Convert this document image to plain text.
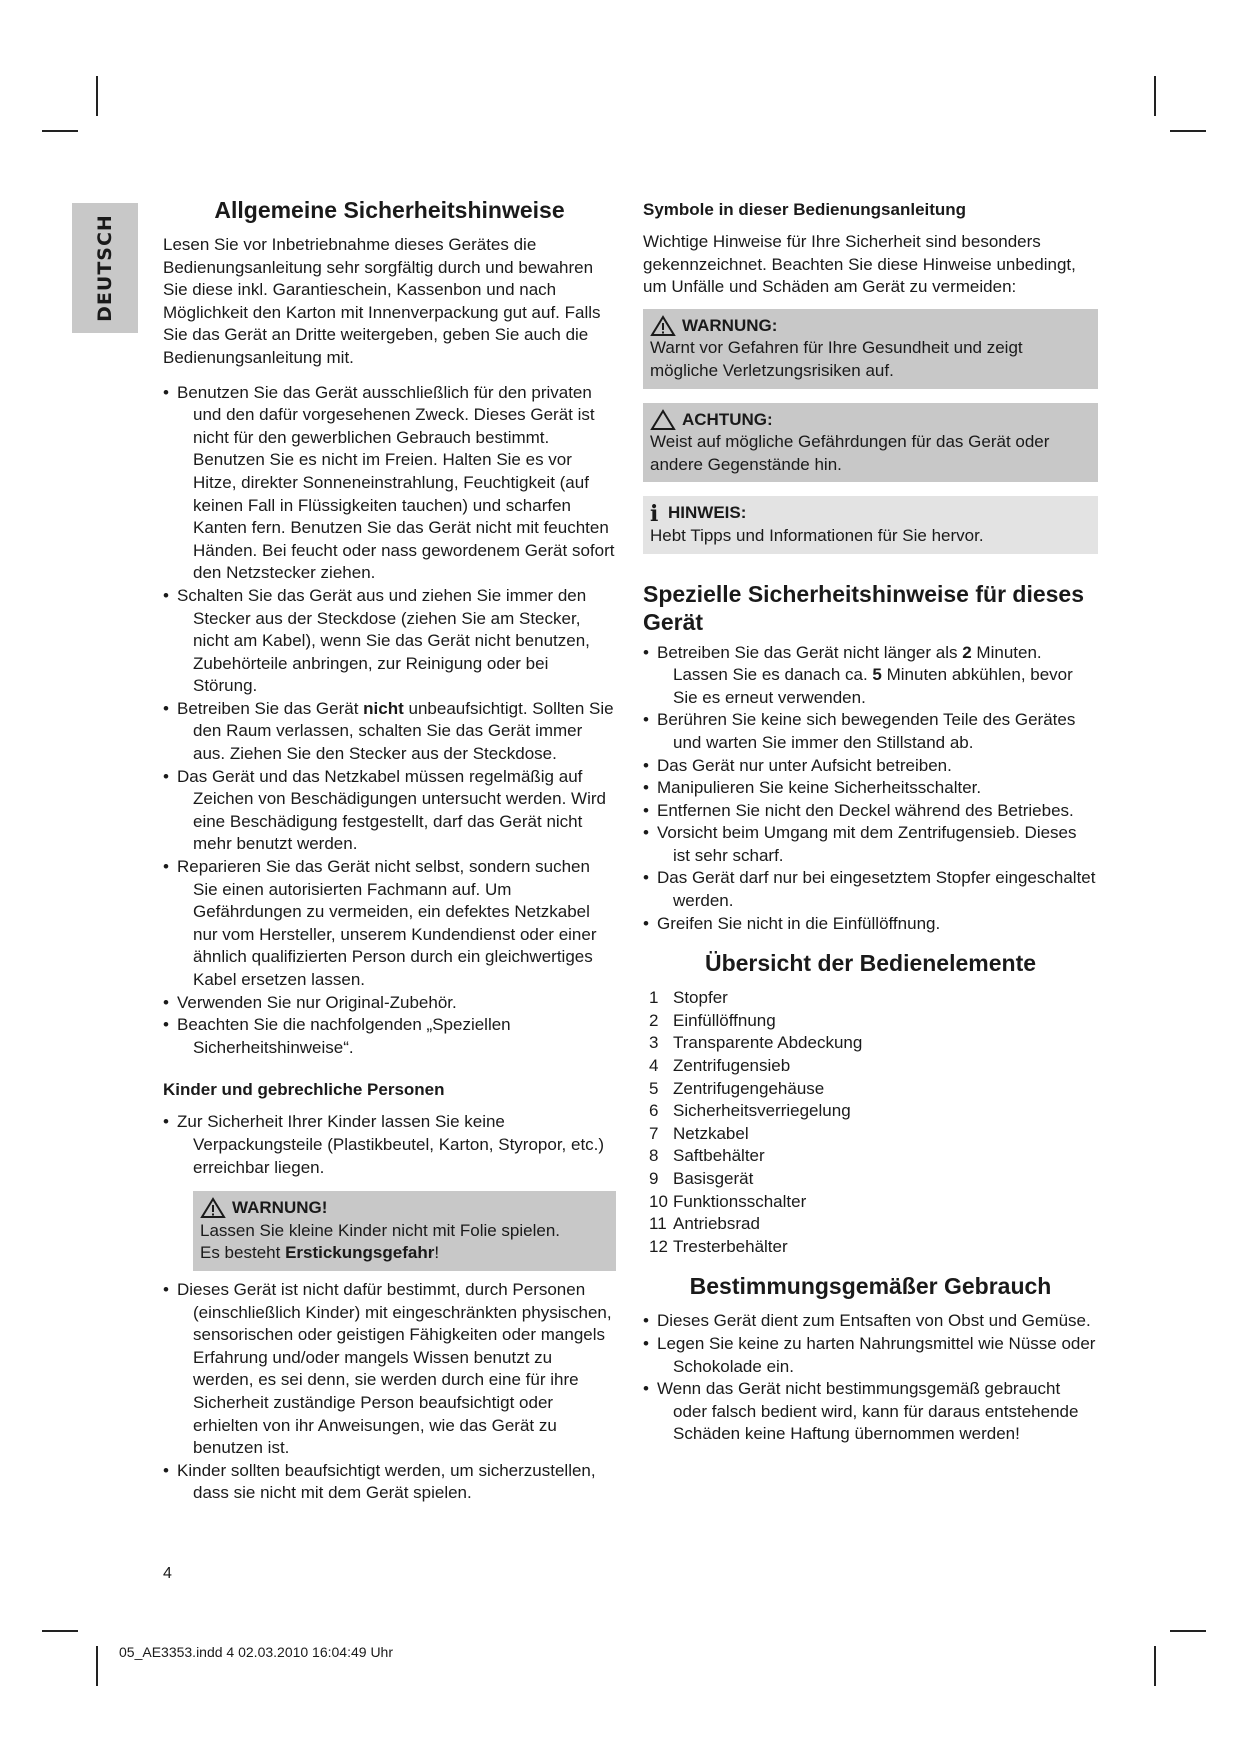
DEUTSCH
Allgemeine Sicherheitshinweise

Lesen Sie vor Inbetriebnahme dieses Gerätes die Bedienungsanleitung sehr sorgfältig durch und bewahren Sie diese inkl. Garantieschein, Kassenbon und nach Möglichkeit den Karton mit Innenverpackung gut auf. Falls Sie das Gerät an Dritte weitergeben, geben Sie auch die Bedienungsanleitung mit.

• Benutzen Sie das Gerät ausschließlich für den privaten und den dafür vorgesehenen Zweck. Dieses Gerät ist nicht für den gewerblichen Gebrauch bestimmt. Benutzen Sie es nicht im Freien. Halten Sie es vor Hitze, direkter Sonneneinstrahlung, Feuchtigkeit (auf keinen Fall in Flüssigkeiten tauchen) und scharfen Kanten fern. Benutzen Sie das Gerät nicht mit feuchten Händen. Bei feucht oder nass gewordenem Gerät sofort den Netzstecker ziehen.
• Schalten Sie das Gerät aus und ziehen Sie immer den Stecker aus der Steckdose (ziehen Sie am Stecker, nicht am Kabel), wenn Sie das Gerät nicht benutzen, Zubehörteile anbringen, zur Reinigung oder bei Störung.
• Betreiben Sie das Gerät nicht unbeaufsichtigt. Sollten Sie den Raum verlassen, schalten Sie das Gerät immer aus. Ziehen Sie den Stecker aus der Steckdose.
• Das Gerät und das Netzkabel müssen regelmäßig auf Zeichen von Beschädigungen untersucht werden. Wird eine Beschädigung festgestellt, darf das Gerät nicht mehr benutzt werden.
• Reparieren Sie das Gerät nicht selbst, sondern suchen Sie einen autorisierten Fachmann auf. Um Gefährdungen zu vermeiden, ein defektes Netzkabel nur vom Hersteller, unserem Kundendienst oder einer ähnlich qualifizierten Person durch ein gleichwertiges Kabel ersetzen lassen.
• Verwenden Sie nur Original-Zubehör.
• Beachten Sie die nachfolgenden „Speziellen Sicherheitshinweise“.
Kinder und gebrechliche Personen
• Zur Sicherheit Ihrer Kinder lassen Sie keine Verpackungsteile (Plastikbeutel, Karton, Styropor, etc.) erreichbar liegen.
WARNUNG!
Lassen Sie kleine Kinder nicht mit Folie spielen.
Es besteht Erstickungsgefahr!
• Dieses Gerät ist nicht dafür bestimmt, durch Personen (einschließlich Kinder) mit eingeschränkten physischen, sensorischen oder geistigen Fähigkeiten oder mangels Erfahrung und/oder mangels Wissen benutzt zu werden, es sei denn, sie werden durch eine für ihre Sicherheit zuständige Person beaufsichtigt oder erhielten von ihr Anweisungen, wie das Gerät zu benutzen ist.
• Kinder sollten beaufsichtigt werden, um sicherzustellen, dass sie nicht mit dem Gerät spielen.
Symbole in dieser Bedienungsanleitung

Wichtige Hinweise für Ihre Sicherheit sind besonders gekennzeichnet. Beachten Sie diese Hinweise unbedingt, um Unfälle und Schäden am Gerät zu vermeiden:

WARNUNG:
Warnt vor Gefahren für Ihre Gesundheit und zeigt mögliche Verletzungsrisiken auf.
ACHTUNG:
Weist auf mögliche Gefährdungen für das Gerät oder andere Gegenstände hin.
i HINWEIS:
Hebt Tipps und Informationen für Sie hervor.
Spezielle Sicherheitshinweise für dieses Gerät
• Betreiben Sie das Gerät nicht länger als 2 Minuten. Lassen Sie es danach ca. 5 Minuten abkühlen, bevor Sie es erneut verwenden.
• Berühren Sie keine sich bewegenden Teile des Gerätes und warten Sie immer den Stillstand ab.
• Das Gerät nur unter Aufsicht betreiben.
• Manipulieren Sie keine Sicherheitsschalter.
• Entfernen Sie nicht den Deckel während des Betriebes.
• Vorsicht beim Umgang mit dem Zentrifugensieb. Dieses ist sehr scharf.
• Das Gerät darf nur bei eingesetztem Stopfer eingeschaltet werden.
• Greifen Sie nicht in die Einfüllöffnung.
Übersicht der Bedienelemente
1 Stopfer
2 Einfüllöffnung
3 Transparente Abdeckung
4 Zentrifugensieb
5 Zentrifugengehäuse
6 Sicherheitsverriegelung
7 Netzkabel
8 Saftbehälter
9 Basisgerät
10 Funktionsschalter
11 Antriebsrad
12 Tresterbehälter
Bestimmungsgemäßer Gebrauch
• Dieses Gerät dient zum Entsaften von Obst und Gemüse.
• Legen Sie keine zu harten Nahrungsmittel wie Nüsse oder Schokolade ein.
• Wenn das Gerät nicht bestimmungsgemäß gebraucht oder falsch bedient wird, kann für daraus entstehende Schäden keine Haftung übernommen werden!
4
05_AE3353.indd 4 02.03.2010 16:04:49 Uhr
